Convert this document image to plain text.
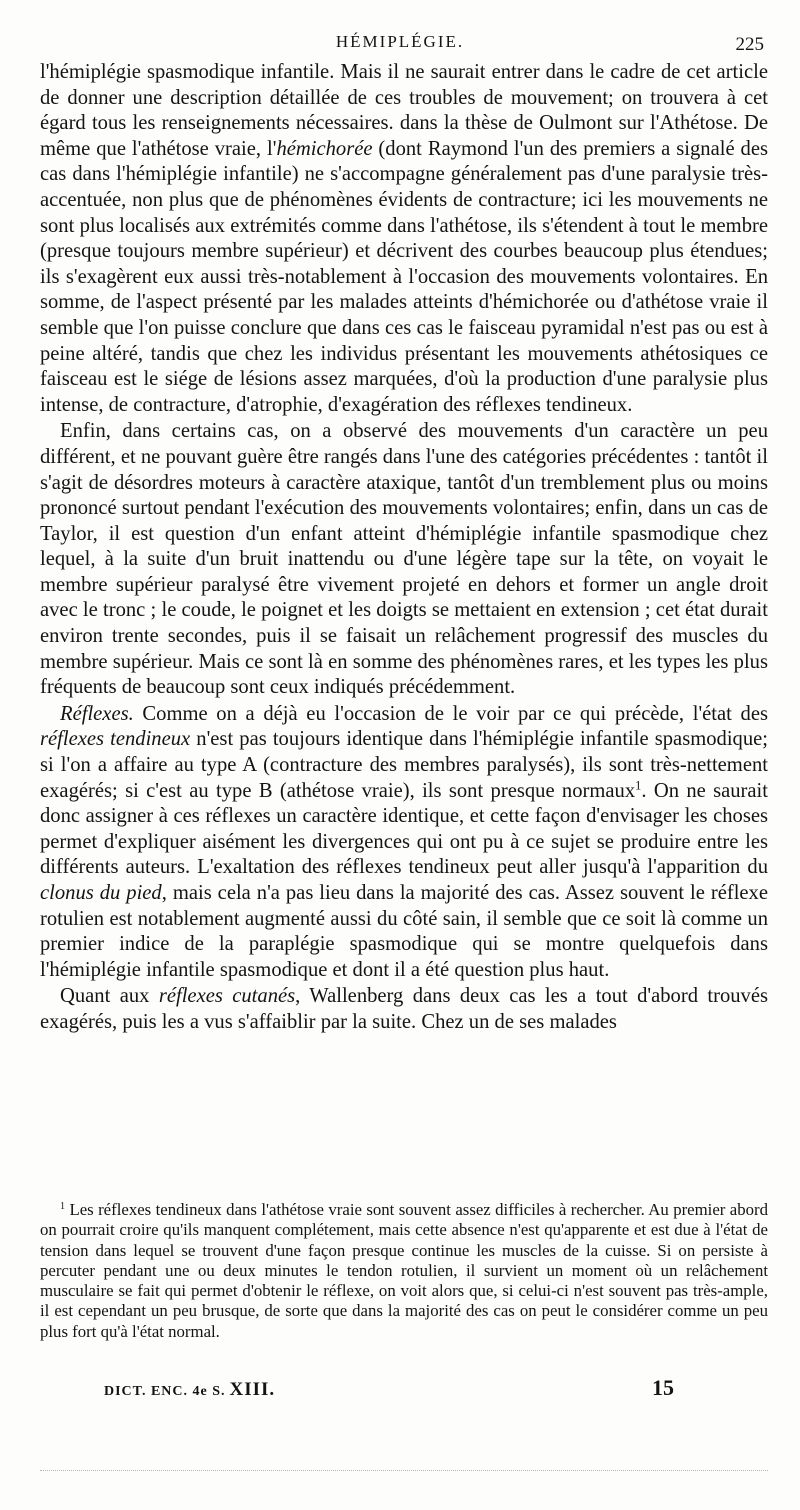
HÉMIPLÉGIE.	225

l'hémiplégie spasmodique infantile. Mais il ne saurait entrer dans le cadre de cet article de donner une description détaillée de ces troubles de mouvement; on trouvera à cet égard tous les renseignements nécessaires. dans la thèse de Oulmont sur l'Athétose. De même que l'athétose vraie, l'hémichorée (dont Raymond l'un des premiers a signalé des cas dans l'hémiplégie infantile) ne s'accompagne généralement pas d'une paralysie très-accentuée, non plus que de phénomènes évidents de contracture; ici les mouvements ne sont plus localisés aux extrémités comme dans l'athétose, ils s'étendent à tout le membre (presque toujours membre supérieur) et décrivent des courbes beaucoup plus étendues; ils s'exagèrent eux aussi très-notablement à l'occasion des mouvements volontaires. En somme, de l'aspect présenté par les malades atteints d'hémichorée ou d'athétose vraie il semble que l'on puisse conclure que dans ces cas le faisceau pyramidal n'est pas ou est à peine altéré, tandis que chez les individus présentant les mouvements athétosiques ce faisceau est le siége de lésions assez marquées, d'où la production d'une paralysie plus intense, de contracture, d'atrophie, d'exagération des réflexes tendineux.

Enfin, dans certains cas, on a observé des mouvements d'un caractère un peu différent, et ne pouvant guère être rangés dans l'une des catégories précédentes : tantôt il s'agit de désordres moteurs à caractère ataxique, tantôt d'un tremblement plus ou moins prononcé surtout pendant l'exécution des mouvements volontaires; enfin, dans un cas de Taylor, il est question d'un enfant atteint d'hémiplégie infantile spasmodique chez lequel, à la suite d'un bruit inattendu ou d'une légère tape sur la tête, on voyait le membre supérieur paralysé être vivement projeté en dehors et former un angle droit avec le tronc ; le coude, le poignet et les doigts se mettaient en extension ; cet état durait environ trente secondes, puis il se faisait un relâchement progressif des muscles du membre supérieur. Mais ce sont là en somme des phénomènes rares, et les types les plus fréquents de beaucoup sont ceux indiqués précédemment.

Réflexes. Comme on a déjà eu l'occasion de le voir par ce qui précède, l'état des réflexes tendineux n'est pas toujours identique dans l'hémiplégie infantile spasmodique; si l'on a affaire au type A (contracture des membres paralysés), ils sont très-nettement exagérés; si c'est au type B (athétose vraie), ils sont presque normaux$^1$. On ne saurait donc assigner à ces réflexes un caractère identique, et cette façon d'envisager les choses permet d'expliquer aisément les divergences qui ont pu à ce sujet se produire entre les différents auteurs. L'exaltation des réflexes tendineux peut aller jusqu'à l'apparition du clonus du pied, mais cela n'a pas lieu dans la majorité des cas. Assez souvent le réflexe rotulien est notablement augmenté aussi du côté sain, il semble que ce soit là comme un premier indice de la paraplégie spasmodique qui se montre quelquefois dans l'hémiplégie infantile spasmodique et dont il a été question plus haut.

Quant aux réflexes cutanés, Wallenberg dans deux cas les a tout d'abord trouvés exagérés, puis les a vus s'affaiblir par la suite. Chez un de ses malades

$^1$ Les réflexes tendineux dans l'athétose vraie sont souvent assez difficiles à rechercher. Au premier abord on pourrait croire qu'ils manquent complétement, mais cette absence n'est qu'apparente et est due à l'état de tension dans lequel se trouvent d'une façon presque continue les muscles de la cuisse. Si on persiste à percuter pendant une ou deux minutes le tendon rotulien, il survient un moment où un relâchement musculaire se fait qui permet d'obtenir le réflexe, on voit alors que, si celui-ci n'est souvent pas très-ample, il est cependant un peu brusque, de sorte que dans la majorité des cas on peut le considérer comme un peu plus fort qu'à l'état normal.

DICT. ENC. 4e S. XIII.	15
